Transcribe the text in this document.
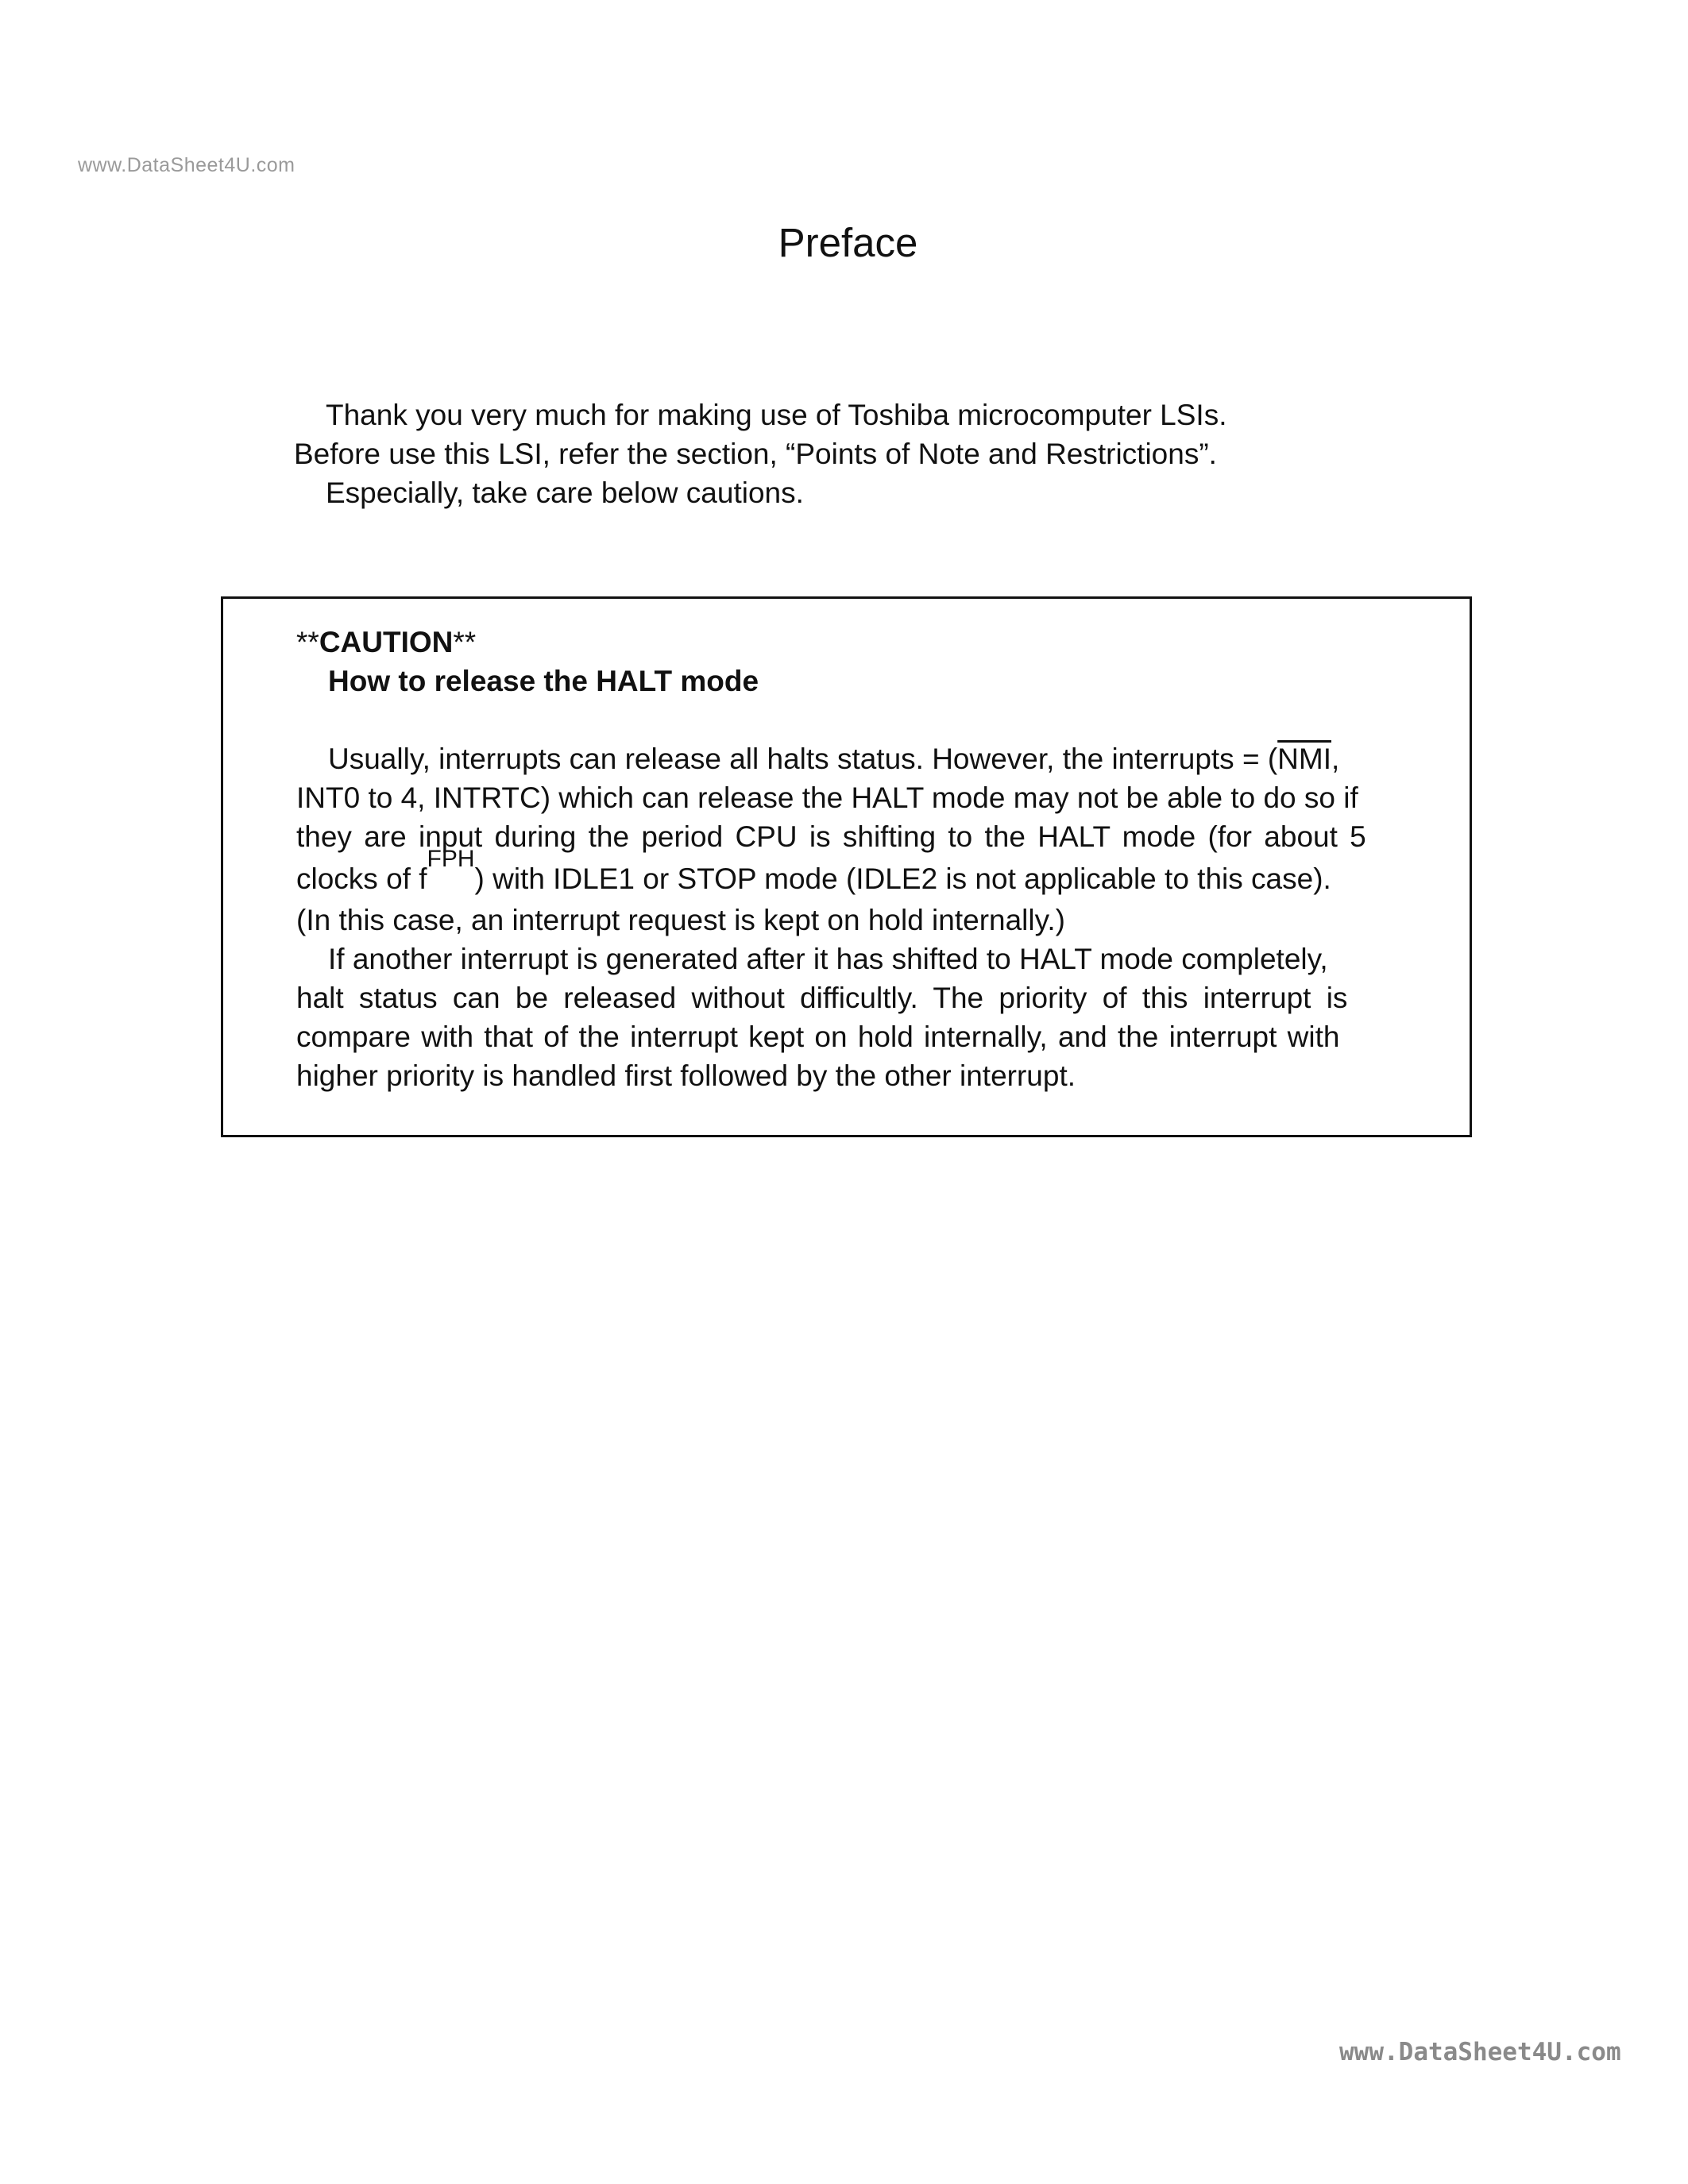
www.DataSheet4U.com
Preface

Thank you very much for making use of Toshiba microcomputer LSIs.

Before use this LSI, refer the section, “Points of Note and Restrictions”.

Especially, take care below cautions.

**CAUTION**

How to release the HALT mode

Usually, interrupts can release all halts status. However, the interrupts = ( $\overline{NMI}$ ,
INT0 to 4, INTRTC) which can release the HALT mode may not be able to do so if
they are input during the period CPU is shifting to the HALT mode (for about 5
clocks of f
FPH
) with IDLE1 or STOP mode (IDLE2 is not applicable to this case).
(In this case, an interrupt request is kept on hold internally.)
If another interrupt is generated after it has shifted to HALT mode completely,
halt status can be released without difficultly. The priority of this interrupt is
compare with that of the interrupt kept on hold internally, and the interrupt with
higher priority is handled first followed by the other interrupt.
www.DataSheet4U.com
